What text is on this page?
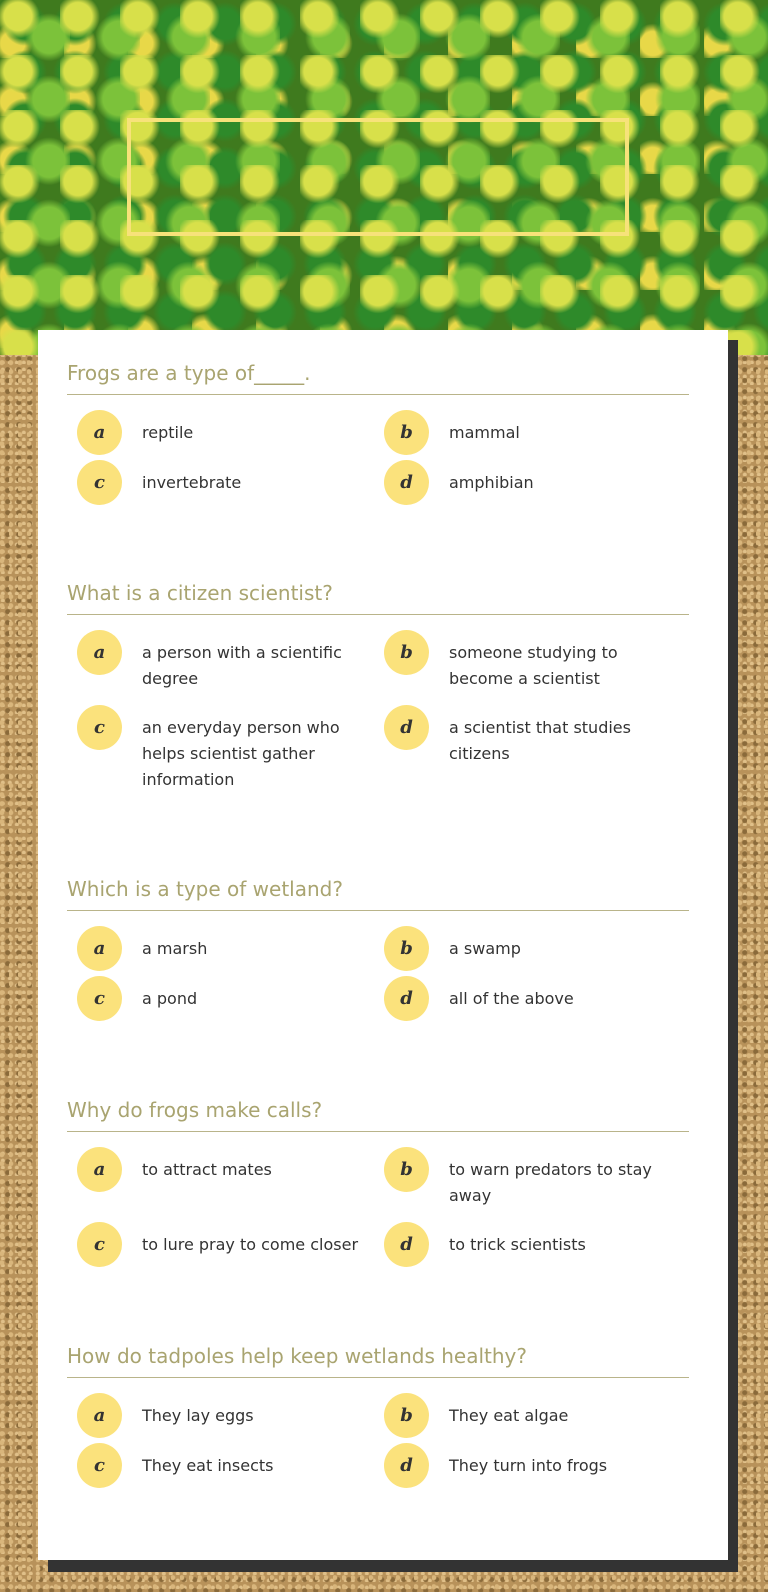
Frogs are a type of_____.
a	reptile	b	mammal
c	invertebrate	d	amphibian
What is a citizen scientist?
a	a person with a scientific degree
b	someone studying to become a scientist
c	an everyday person who helps scientist gather information
d	a scientist that studies citizens
Which is a type of wetland?
a	a marsh	b	a swamp
c	a pond	d	all of the above
Why do frogs make calls?
a	to attract mates	b	to warn predators to stay away
c	to lure pray to come closer	d	to trick scientists
How do tadpoles help keep wetlands healthy?
a	They lay eggs	b	They eat algae
c	They eat insects	d	They turn into frogs
